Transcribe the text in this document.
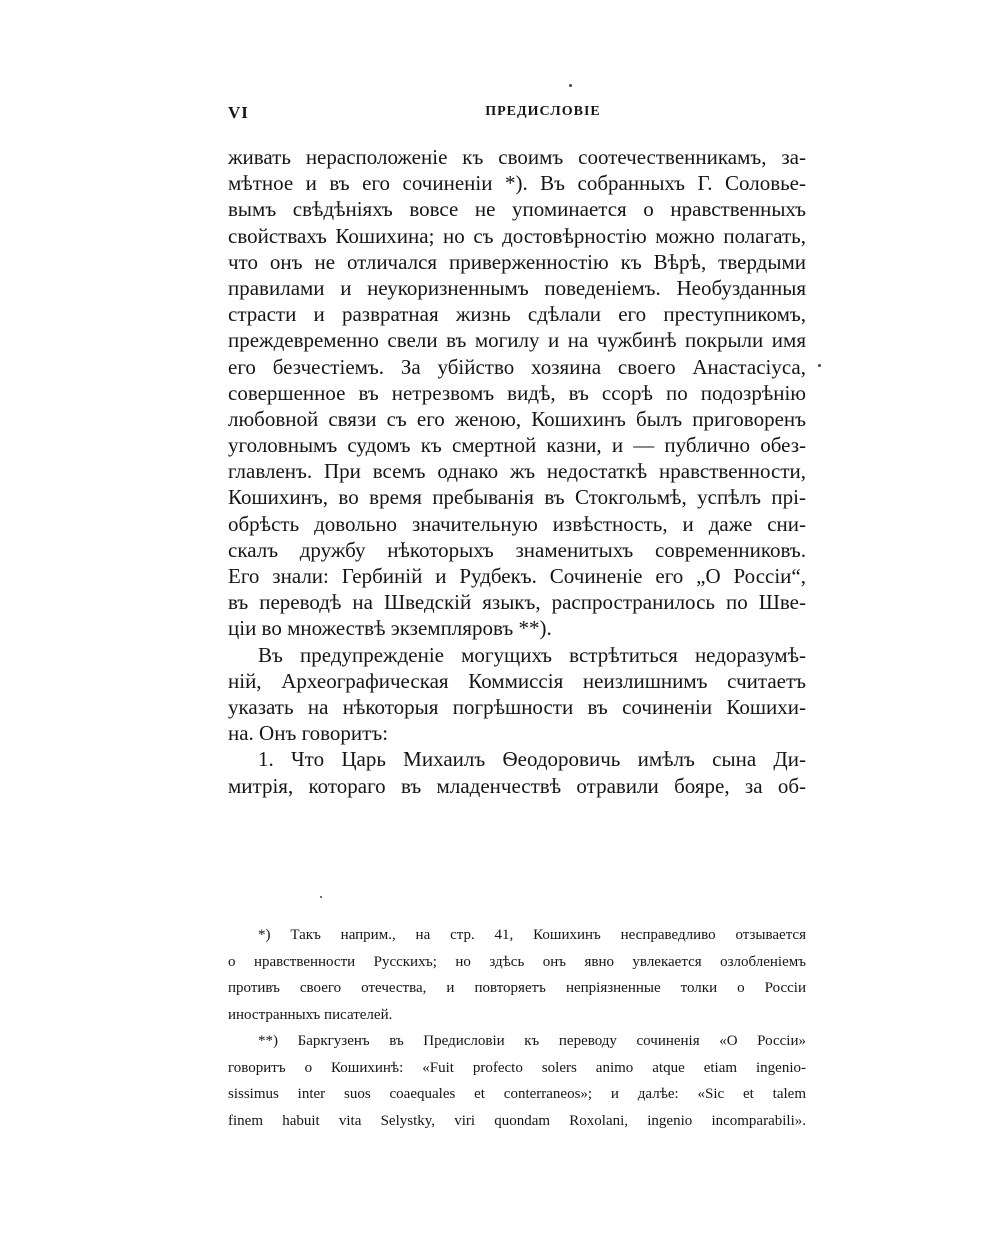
VI	ПРЕДИСЛОВІЕ
живать нерасположеніе къ своимъ соотечественникамъ, за-
мѣтное и въ его сочиненіи *). Въ собранныхъ Г. Соловье-
вымъ свѣдѣніяхъ вовсе не упоминается о нравственныхъ
свойствахъ Кошихина; но съ достовѣрностію можно полагать,
что онъ не отличался приверженностію къ Вѣрѣ, твердыми
правилами и неукоризненнымъ поведеніемъ. Необузданныя
страсти и развратная жизнь сдѣлали его преступникомъ,
преждевременно свели въ могилу и на чужбинѣ покрыли имя
его безчестіемъ. За убійство хозяина своего Анастасіуса,
совершенное въ нетрезвомъ видѣ, въ ссорѣ по подозрѣнію
любовной связи съ его женою, Кошихинъ былъ приговоренъ
уголовнымъ судомъ къ смертной казни, и — публично обез-
главленъ. При всемъ однако жъ недостаткѣ нравственности,
Кошихинъ, во время пребыванія въ Стокгольмѣ, успѣлъ прі-
обрѣсть довольно значительную извѣстность, и даже сни-
скалъ дружбу нѣкоторыхъ знаменитыхъ современниковъ.
Его знали: Гербиній и Рудбекъ. Сочиненіе его „О Россіи“,
въ переводѣ на Шведскій языкъ, распространилось по Шве-
ціи во множествѣ экземпляровъ **).
Въ предупрежденіе могущихъ встрѣтиться недоразумѣ-
ній, Археографическая Коммиссія неизлишнимъ считаетъ
указать на нѣкоторыя погрѣшности въ сочиненіи Кошихи-
на. Онъ говоритъ:
1. Что Царь Михаилъ Ѳеодоровичь имѣлъ сына Ди-
митрія, котораго въ младенчествѣ отравили бояре, за об-
*) Такъ наприм., на стр. 41, Кошихинъ несправедливо отзывается
о нравственности Русскихъ; но здѣсь онъ явно увлекается озлобленіемъ
противъ своего отечества, и повторяетъ непріязненные толки о Россіи
иностранныхъ писателей.
**) Баркгузенъ въ Предисловіи къ переводу сочиненія «О Россіи»
говоритъ о Кошихинѣ: «Fuit profecto solers animo atque etiam ingenio-
sissimus inter suos coaequales et conterraneos»; и далѣе: «Sic et talem
finem habuit vita Selystky, viri quondam Roxolani, ingenio incomparabili».
